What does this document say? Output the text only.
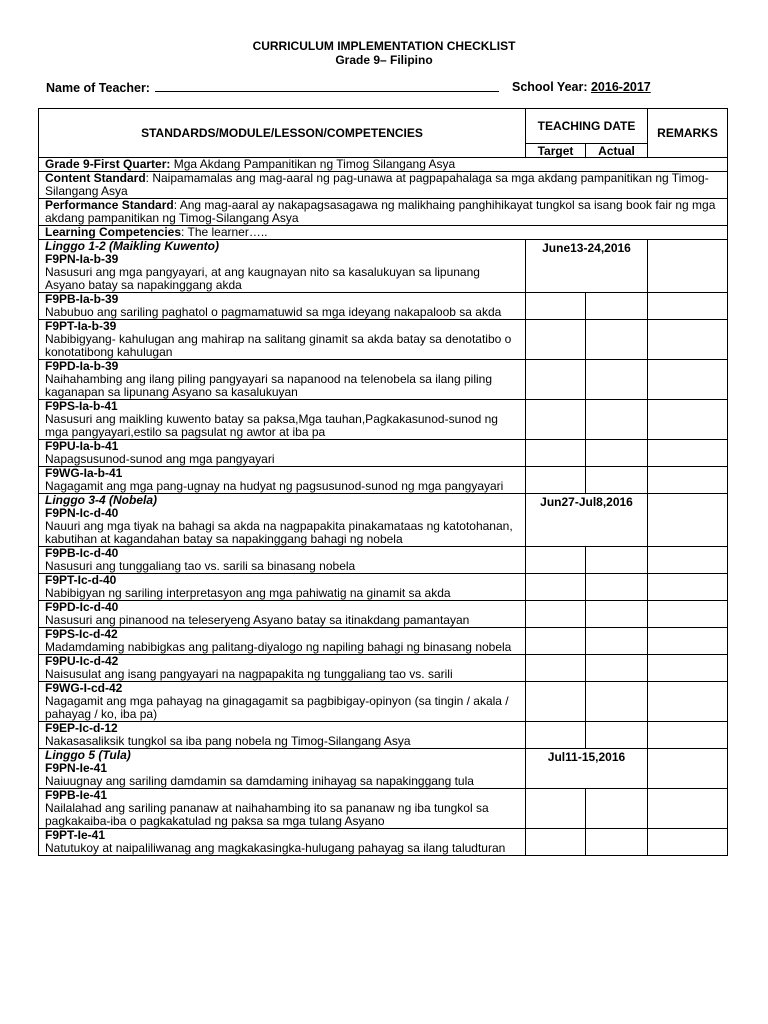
CURRICULUM IMPLEMENTATION CHECKLIST
Grade 9– Filipino
Name of Teacher:	School Year: 2016-2017
STANDARDS/MODULE/LESSON/COMPETENCIES	TEACHING DATE		REMARKS
	Target	Actual	
Grade 9-First Quarter: Mga Akdang Pampanitikan ng Timog Silangang Asya			
Content Standard: Naipamamalas ang mag-aaral ng pag-unawa at pagpapahalaga sa mga akdang pampanitikan ng Timog-Silangang Asya			
Performance Standard: Ang mag-aaral ay nakapagsasagawa ng malikhaing panghihikayat tungkol sa isang book fair ng mga akdang pampanitikan ng Timog-Silangang Asya			
Learning Competencies: The learner…..			

Linggo 1-2 (Maikling Kuwento)
F9PN-Ia-b-39
Nasusuri ang mga pangyayari, at ang kaugnayan nito sa kasalukuyan sa lipunang Asyano batay sa napakinggang akda	June13-24,2016		

F9PB-Ia-b-39
Nabubuo ang sariling paghatol o pagmamatuwid sa mga ideyang nakapaloob sa akda			

F9PT-Ia-b-39
Nabibigyang- kahulugan ang mahirap na salitang ginamit sa akda batay sa denotatibo o konotatibong kahulugan			

F9PD-Ia-b-39
Naihahambing ang ilang piling pangyayari sa napanood na telenobela sa ilang piling kaganapan sa lipunang Asyano sa kasalukuyan			

F9PS-Ia-b-41
Nasusuri ang maikling kuwento batay sa paksa,Mga tauhan,Pagkakasunod-sunod ng mga pangyayari,estilo sa pagsulat ng awtor at iba pa			

F9PU-Ia-b-41
Napagsusunod-sunod ang mga pangyayari			

F9WG-Ia-b-41
Nagagamit ang mga pang-ugnay na hudyat ng pagsusunod-sunod ng mga pangyayari			

Linggo 3-4 (Nobela)
F9PN-Ic-d-40
Nauuri ang mga tiyak na bahagi sa akda na nagpapakita pinakamataas ng katotohanan, kabutihan at kagandahan batay sa napakinggang bahagi ng nobela	Jun27-Jul8,2016		

F9PB-Ic-d-40
Nasusuri ang tunggaliang tao vs. sarili sa binasang nobela			

F9PT-Ic-d-40
Nabibigyan ng sariling interpretasyon ang mga pahiwatig na ginamit sa akda			

F9PD-Ic-d-40
Nasusuri ang pinanood na teleseryeng Asyano batay sa itinakdang pamantayan			

F9PS-Ic-d-42
Madamdaming nabibigkas ang palitang-diyalogo ng napiling bahagi ng binasang nobela			

F9PU-Ic-d-42
Naisusulat ang isang pangyayari na nagpapakita ng tunggaliang tao vs. sarili			

F9WG-I-cd-42
Nagagamit ang mga pahayag na ginagagamit sa pagbibigay-opinyon (sa tingin / akala / pahayag / ko, iba pa)			

F9EP-Ic-d-12
Nakasasaliksik tungkol sa iba pang nobela ng Timog-Silangang Asya			

Linggo 5 (Tula)
F9PN-Ie-41
Naiuugnay ang sariling damdamin sa damdaming inihayag sa napakinggang tula	Jul11-15,2016		

F9PB-Ie-41
Nailalahad ang sariling pananaw at naihahambing ito sa pananaw ng iba tungkol sa pagkakaiba-iba o pagkakatulad ng paksa sa mga tulang Asyano			

F9PT-Ie-41
Natutukoy at naipaliliwanag ang magkakasingka-hulugang pahayag sa ilang taludturan			
